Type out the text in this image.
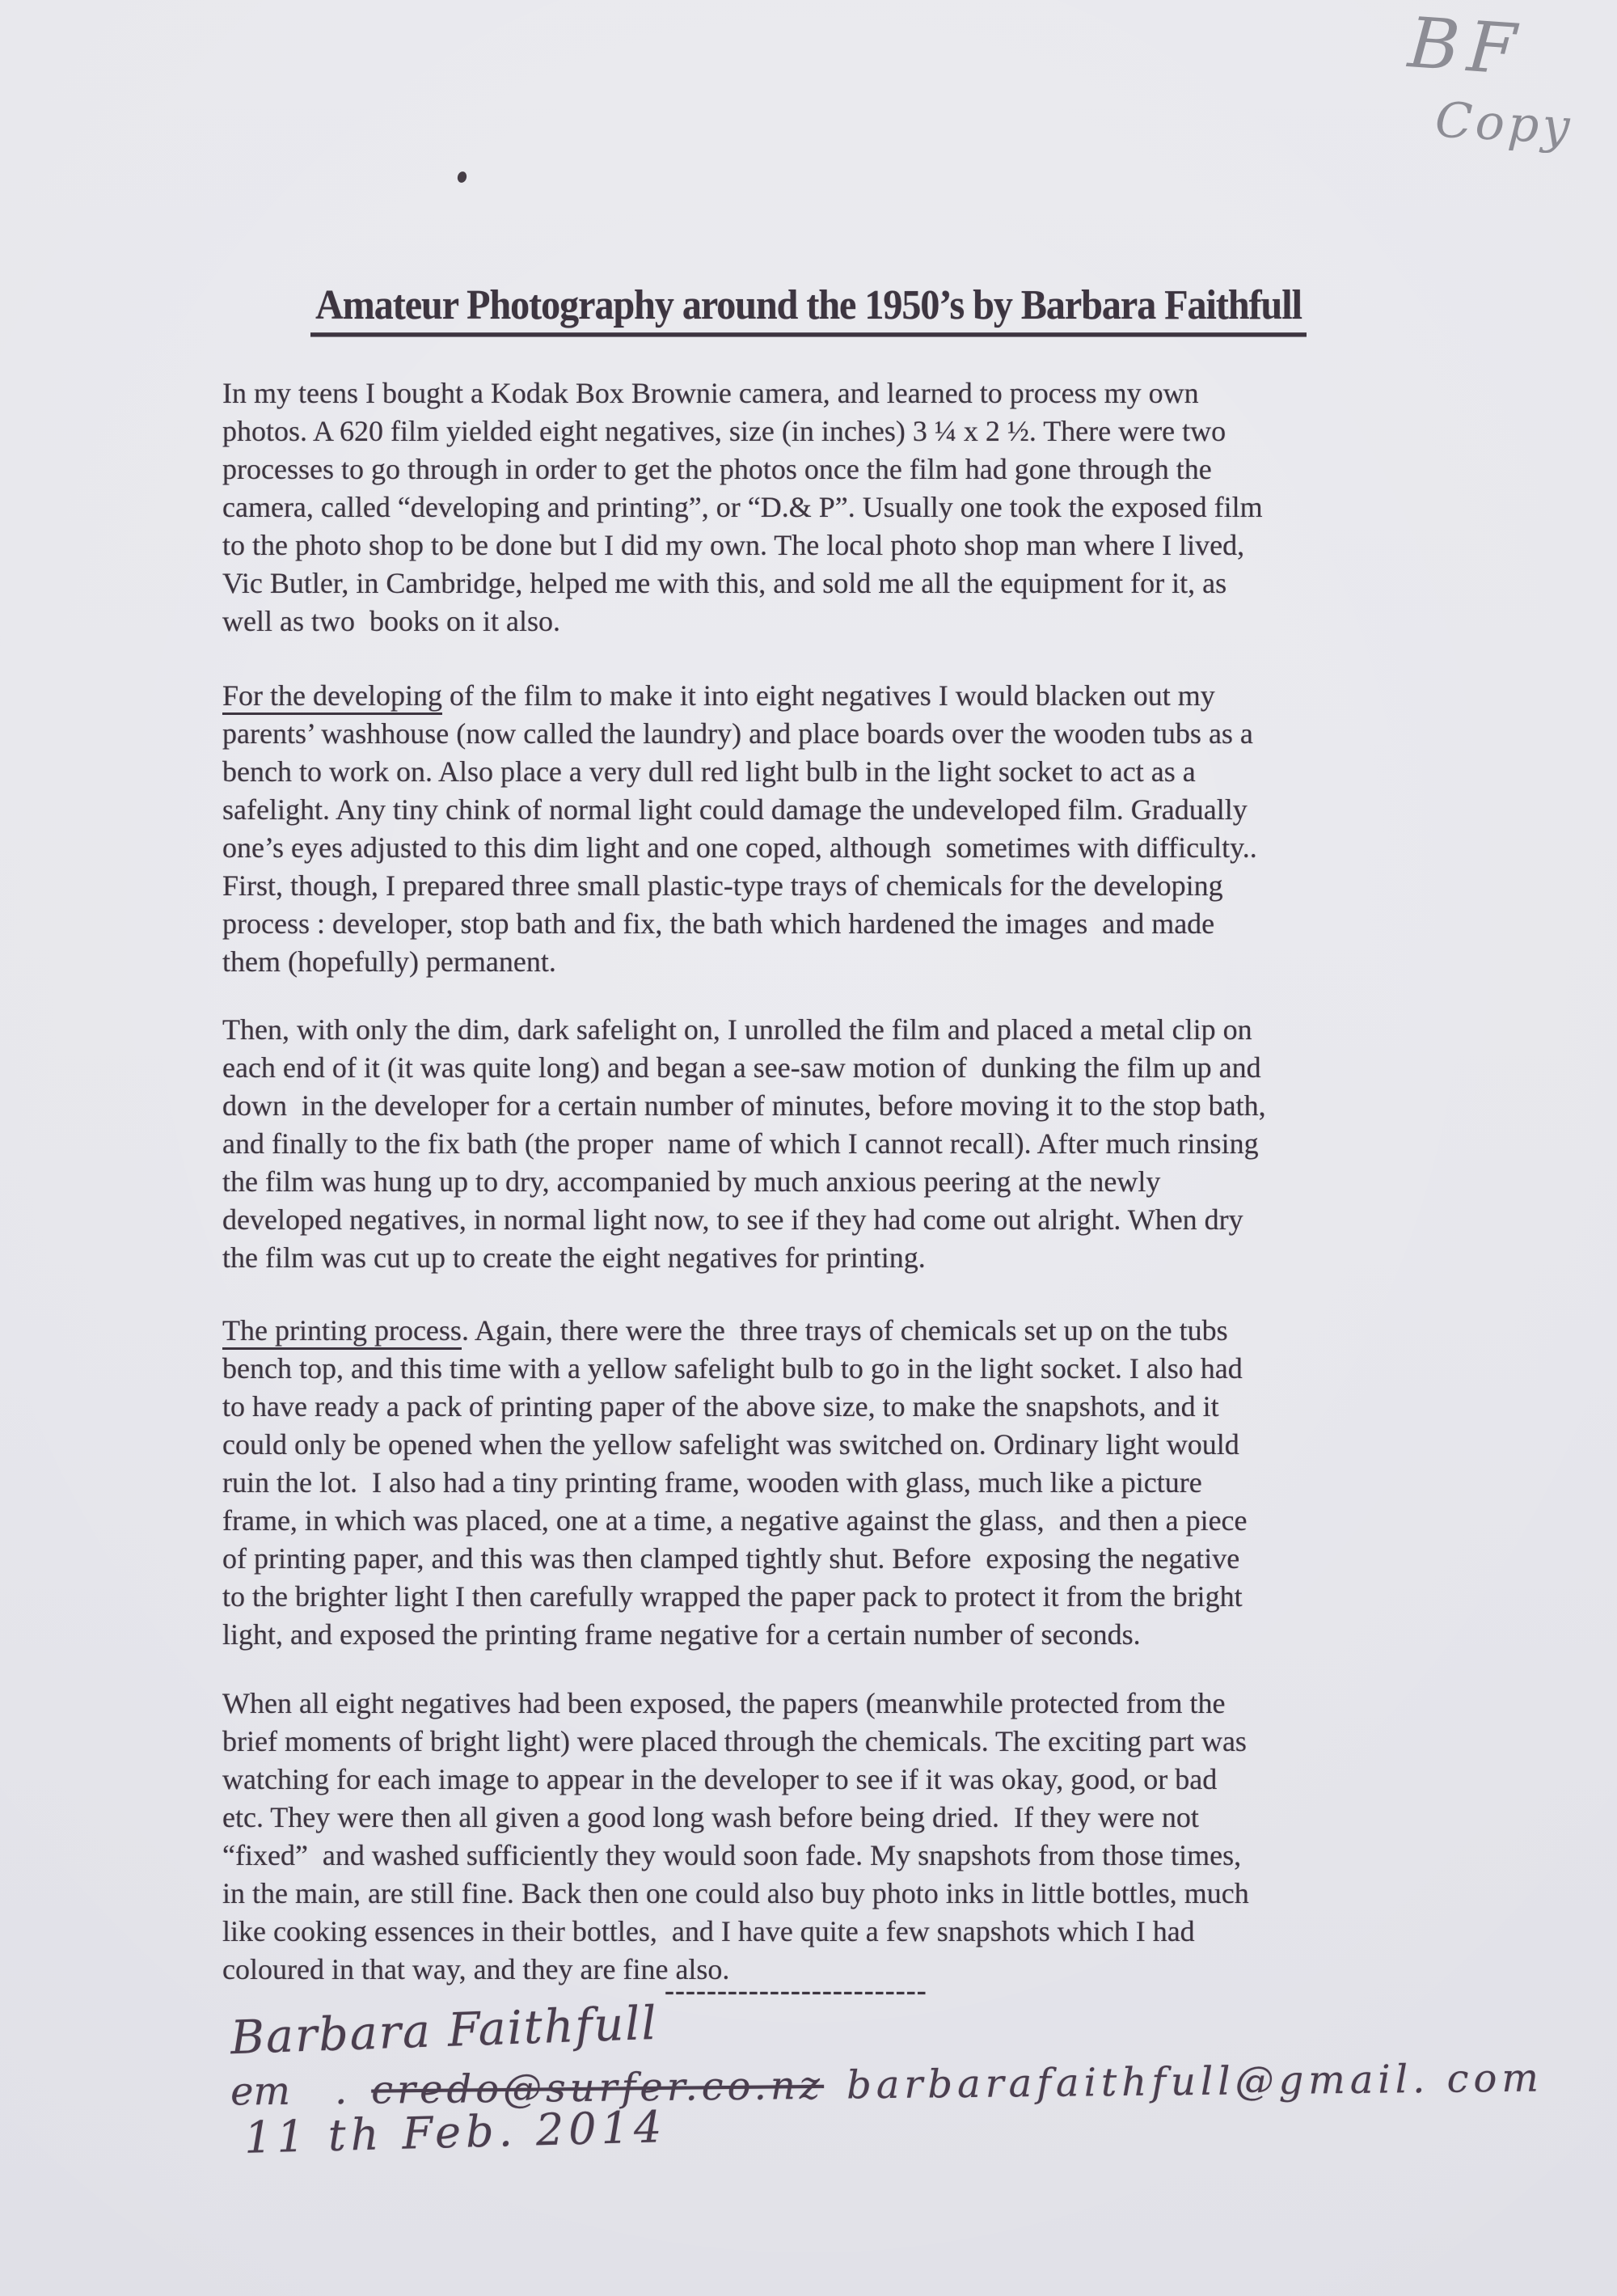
BF
Copy
Amateur Photography around the 1950’s by Barbara Faithfull

In my teens I bought a Kodak Box Brownie camera, and learned to process my own
photos. A 620 film yielded eight negatives, size (in inches) 3 ¼ x 2 ½. There were two
processes to go through in order to get the photos once the film had gone through the
camera, called “developing and printing”, or “D.& P”. Usually one took the exposed film
to the photo shop to be done but I did my own. The local photo shop man where I lived,
Vic Butler, in Cambridge, helped me with this, and sold me all the equipment for it, as
well as two  books on it also.

For the developing of the film to make it into eight negatives I would blacken out my
parents’ washhouse (now called the laundry) and place boards over the wooden tubs as a
bench to work on. Also place a very dull red light bulb in the light socket to act as a
safelight. Any tiny chink of normal light could damage the undeveloped film. Gradually
one’s eyes adjusted to this dim light and one coped, although  sometimes with difficulty..
First, though, I prepared three small plastic-type trays of chemicals for the developing
process : developer, stop bath and fix, the bath which hardened the images  and made
them (hopefully) permanent.

Then, with only the dim, dark safelight on, I unrolled the film and placed a metal clip on
each end of it (it was quite long) and began a see-saw motion of  dunking the film up and
down  in the developer for a certain number of minutes, before moving it to the stop bath,
and finally to the fix bath (the proper  name of which I cannot recall). After much rinsing
the film was hung up to dry, accompanied by much anxious peering at the newly
developed negatives, in normal light now, to see if they had come out alright. When dry
the film was cut up to create the eight negatives for printing.

The printing process. Again, there were the  three trays of chemicals set up on the tubs
bench top, and this time with a yellow safelight bulb to go in the light socket. I also had
to have ready a pack of printing paper of the above size, to make the snapshots, and it
could only be opened when the yellow safelight was switched on. Ordinary light would
ruin the lot.  I also had a tiny printing frame, wooden with glass, much like a picture
frame, in which was placed, one at a time, a negative against the glass,  and then a piece
of printing paper, and this was then clamped tightly shut. Before  exposing the negative
to the brighter light I then carefully wrapped the paper pack to protect it from the bright
light, and exposed the printing frame negative for a certain number of seconds.

When all eight negatives had been exposed, the papers (meanwhile protected from the
brief moments of bright light) were placed through the chemicals. The exciting part was
watching for each image to appear in the developer to see if it was okay, good, or bad
etc. They were then all given a good long wash before being dried.  If they were not
“fixed”  and washed sufficiently they would soon fade. My snapshots from those times,
in the main, are still fine. Back then one could also buy photo inks in little bottles, much
like cooking essences in their bottles,  and I have quite a few snapshots which I had
coloured in that way, and they are fine also.

-------------------------
Barbara Faithfull
em . credo@surfer.co.nz barbarafaithfull@gmail. com
11 th Feb. 2014
